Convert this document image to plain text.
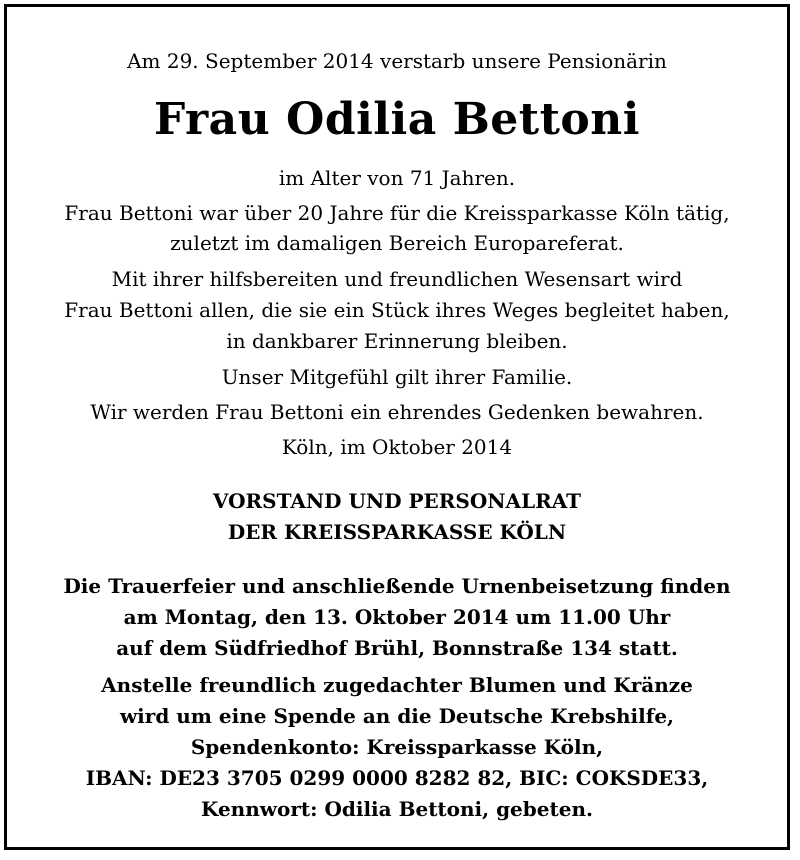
Am 29. September 2014 verstarb unsere Pensionärin
Frau Odilia Bettoni
im Alter von 71 Jahren.
Frau Bettoni war über 20 Jahre für die Kreissparkasse Köln tätig,
zuletzt im damaligen Bereich Europareferat.
Mit ihrer hilfsbereiten und freundlichen Wesensart wird
Frau Bettoni allen, die sie ein Stück ihres Weges begleitet haben,
in dankbarer Erinnerung bleiben.
Unser Mitgefühl gilt ihrer Familie.
Wir werden Frau Bettoni ein ehrendes Gedenken bewahren.
Köln, im Oktober 2014
VORSTAND UND PERSONALRAT
DER KREISSPARKASSE KÖLN
Die Trauerfeier und anschließende Urnenbeisetzung finden
am Montag, den 13. Oktober 2014 um 11.00 Uhr
auf dem Südfriedhof Brühl, Bonnstraße 134 statt.
Anstelle freundlich zugedachter Blumen und Kränze
wird um eine Spende an die Deutsche Krebshilfe,
Spendenkonto: Kreissparkasse Köln,
IBAN: DE23 3705 0299 0000 8282 82, BIC: COKSDE33,
Kennwort: Odilia Bettoni, gebeten.
